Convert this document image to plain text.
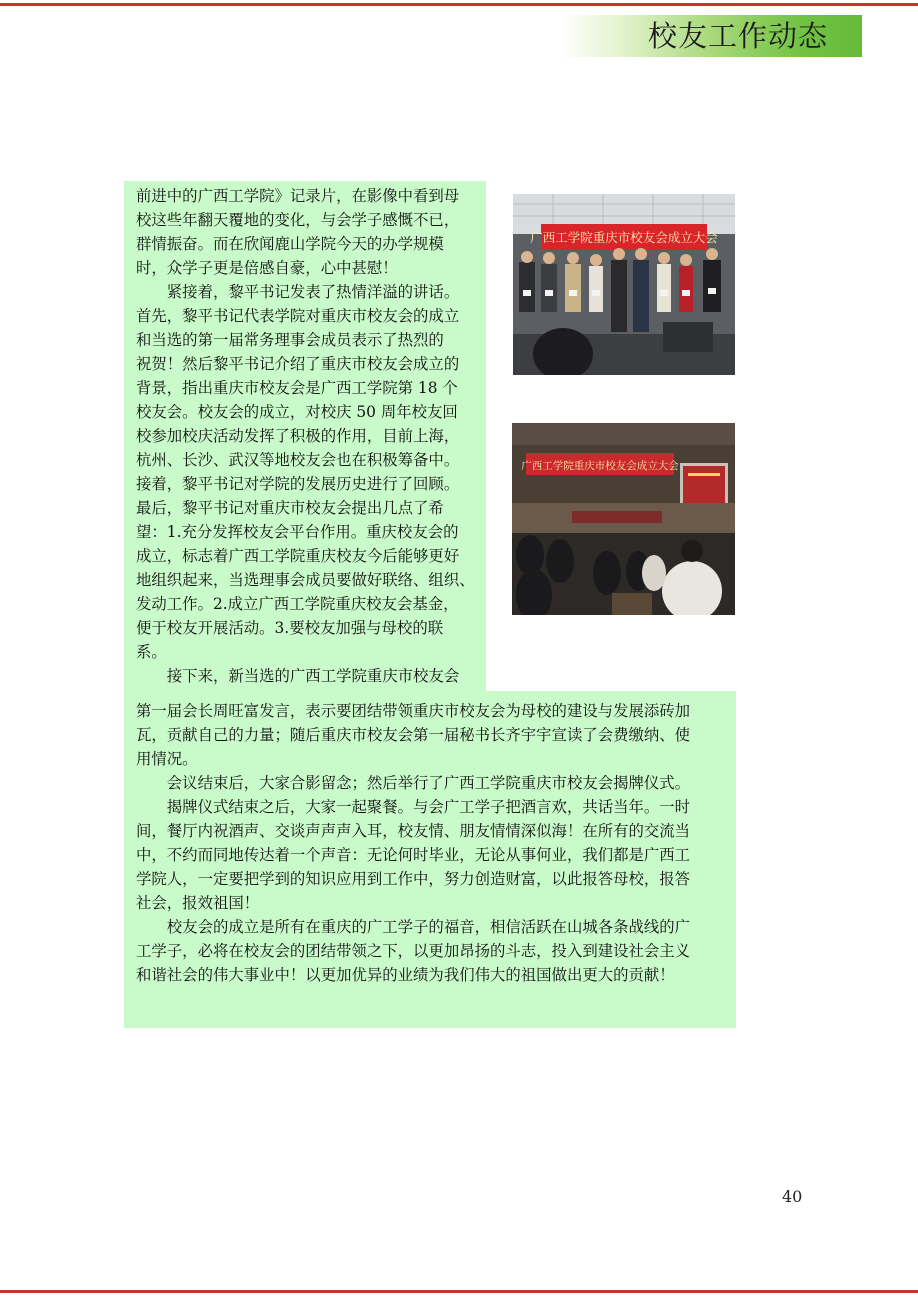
校友工作动态
前进中的广西工学院》记录片，在影像中看到母
校这些年翻天覆地的变化，与会学子感慨不已，
群情振奋。而在欣闻鹿山学院今天的办学规模
时，众学子更是倍感自豪，心中甚慰！
　　紧接着，黎平书记发表了热情洋溢的讲话。
首先，黎平书记代表学院对重庆市校友会的成立
和当选的第一届常务理事会成员表示了热烈的
祝贺！然后黎平书记介绍了重庆市校友会成立的
背景，指出重庆市校友会是广西工学院第 18 个
校友会。校友会的成立，对校庆 50 周年校友回
校参加校庆活动发挥了积极的作用，目前上海，
杭州、长沙、武汉等地校友会也在积极筹备中。
接着，黎平书记对学院的发展历史进行了回顾。
最后，黎平书记对重庆市校友会提出几点了希
望：1.充分发挥校友会平台作用。重庆校友会的
成立，标志着广西工学院重庆校友今后能够更好
地组织起来，当选理事会成员要做好联络、组织、
发动工作。2.成立广西工学院重庆校友会基金，
便于校友开展活动。3.要校友加强与母校的联
系。
　　接下来，新当选的广西工学院重庆市校友会
第一届会长周旺富发言，表示要团结带领重庆市校友会为母校的建设与发展添砖加
瓦，贡献自己的力量；随后重庆市校友会第一届秘书长齐宇宇宣读了会费缴纳、使
用情况。
　　会议结束后，大家合影留念；然后举行了广西工学院重庆市校友会揭牌仪式。
　　揭牌仪式结束之后，大家一起聚餐。与会广工学子把酒言欢，共话当年。一时
间，餐厅内祝酒声、交谈声声声入耳，校友情、朋友情情深似海！在所有的交流当
中，不约而同地传达着一个声音：无论何时毕业，无论从事何业，我们都是广西工
学院人，一定要把学到的知识应用到工作中，努力创造财富，以此报答母校，报答
社会，报效祖国！
　　校友会的成立是所有在重庆的广工学子的福音，相信活跃在山城各条战线的广
工学子，必将在校友会的团结带领之下，以更加昂扬的斗志，投入到建设社会主义
和谐社会的伟大事业中！以更加优异的业绩为我们伟大的祖国做出更大的贡献！
广西工学院重庆市校友会成立大会
广西工学院重庆市校友会成立大会
40
